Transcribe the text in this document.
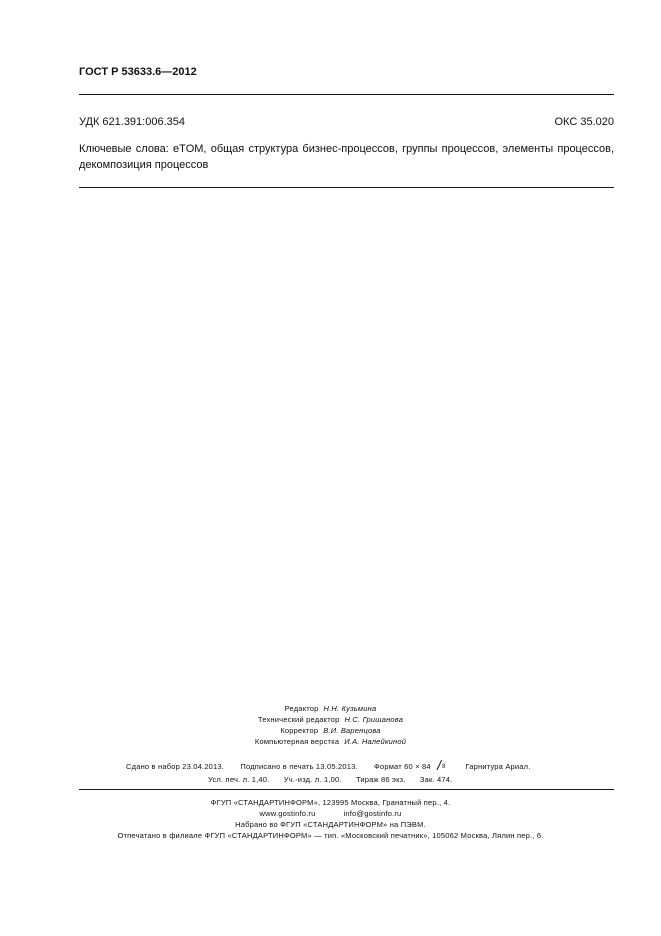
ГОСТ Р 53633.6—2012
УДК 621.391:006.354	ОКС 35.020
Ключевые слова: eTOM, общая структура бизнес-процессов, группы процессов, элементы процессов, декомпозиция процессов
Редактор Н.Н. Кузьмина
Технический редактор Н.С. Гришанова
Корректор В.И. Варенцова
Компьютерная верстка И.А. Налейкиной
Сдано в набор 23.04.2013. Подписано в печать 13.05.2013. Формат 60 × 84 / 8	Гарнитура Ариал.
Усл. печ. л. 1,40. Уч.-изд. л. 1,00. Тираж 86 экз. Зак. 474.
ФГУП «СТАНДАРТИНФОРМ», 123995 Москва, Гранатный пер., 4.
www.gostinfo.ru	info@gostinfo.ru
Набрано во ФГУП «СТАНДАРТИНФОРМ» на ПЭВМ.
Отпечатано в филиале ФГУП «СТАНДАРТИНФОРМ» — тип. «Московский печатник», 105062 Москва, Лялин пер., 6.
